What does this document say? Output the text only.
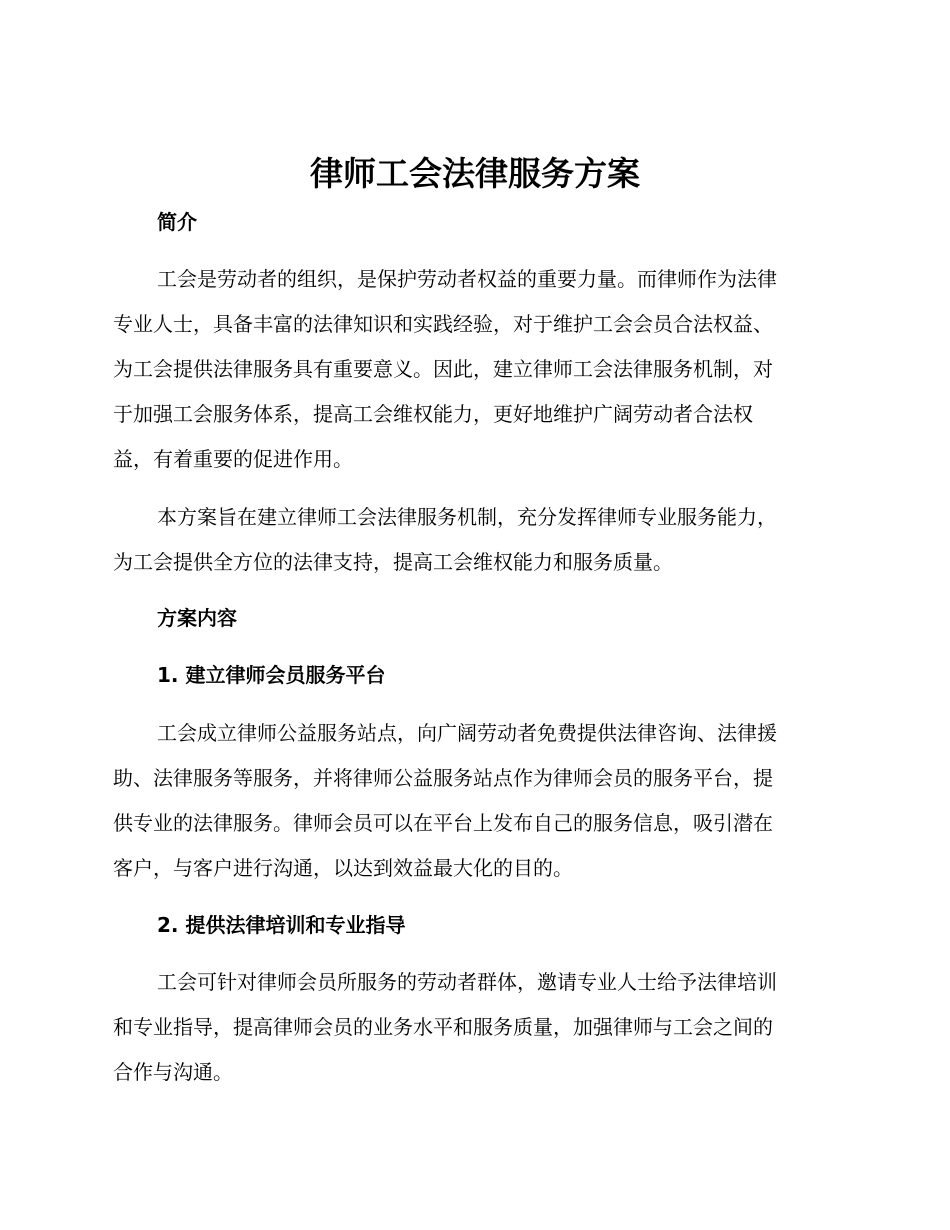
律师工会法律服务方案
简介
工会是劳动者的组织，是保护劳动者权益的重要力量。而律师作为法律
专业人士，具备丰富的法律知识和实践经验，对于维护工会会员合法权益、
为工会提供法律服务具有重要意义。因此，建立律师工会法律服务机制，对
于加强工会服务体系，提高工会维权能力，更好地维护广阔劳动者合法权
益，有着重要的促进作用。
本方案旨在建立律师工会法律服务机制，充分发挥律师专业服务能力，
为工会提供全方位的法律支持，提高工会维权能力和服务质量。
方案内容
1. 建立律师会员服务平台
工会成立律师公益服务站点，向广阔劳动者免费提供法律咨询、法律援
助、法律服务等服务，并将律师公益服务站点作为律师会员的服务平台，提
供专业的法律服务。律师会员可以在平台上发布自己的服务信息，吸引潜在
客户，与客户进行沟通，以达到效益最大化的目的。
2. 提供法律培训和专业指导
工会可针对律师会员所服务的劳动者群体，邀请专业人士给予法律培训
和专业指导，提高律师会员的业务水平和服务质量，加强律师与工会之间的
合作与沟通。
